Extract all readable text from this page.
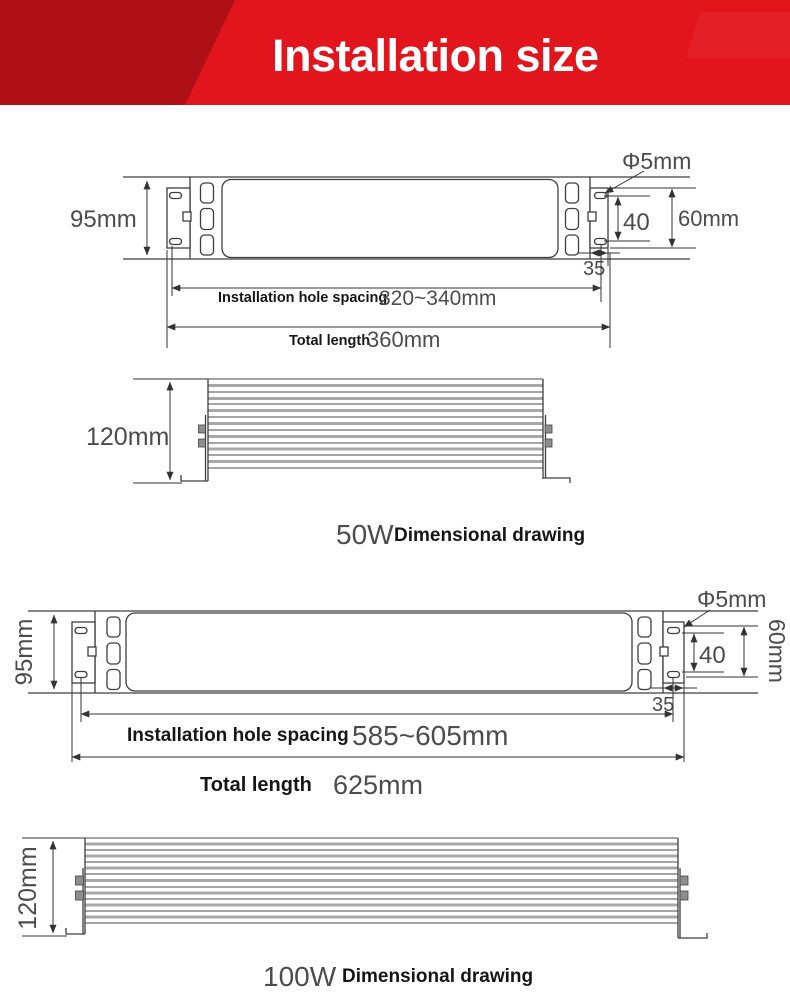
Installation size
95mm
Φ5mm
40 60mm
35
Installation hole spacing
320~340mm
Total length
360mm
120mm
50W Dimensional drawing
95mm
Φ5mm
40 60mm
35
Installation hole spacing 585~605mm
Total length 625mm
120mm
100W Dimensional drawing
